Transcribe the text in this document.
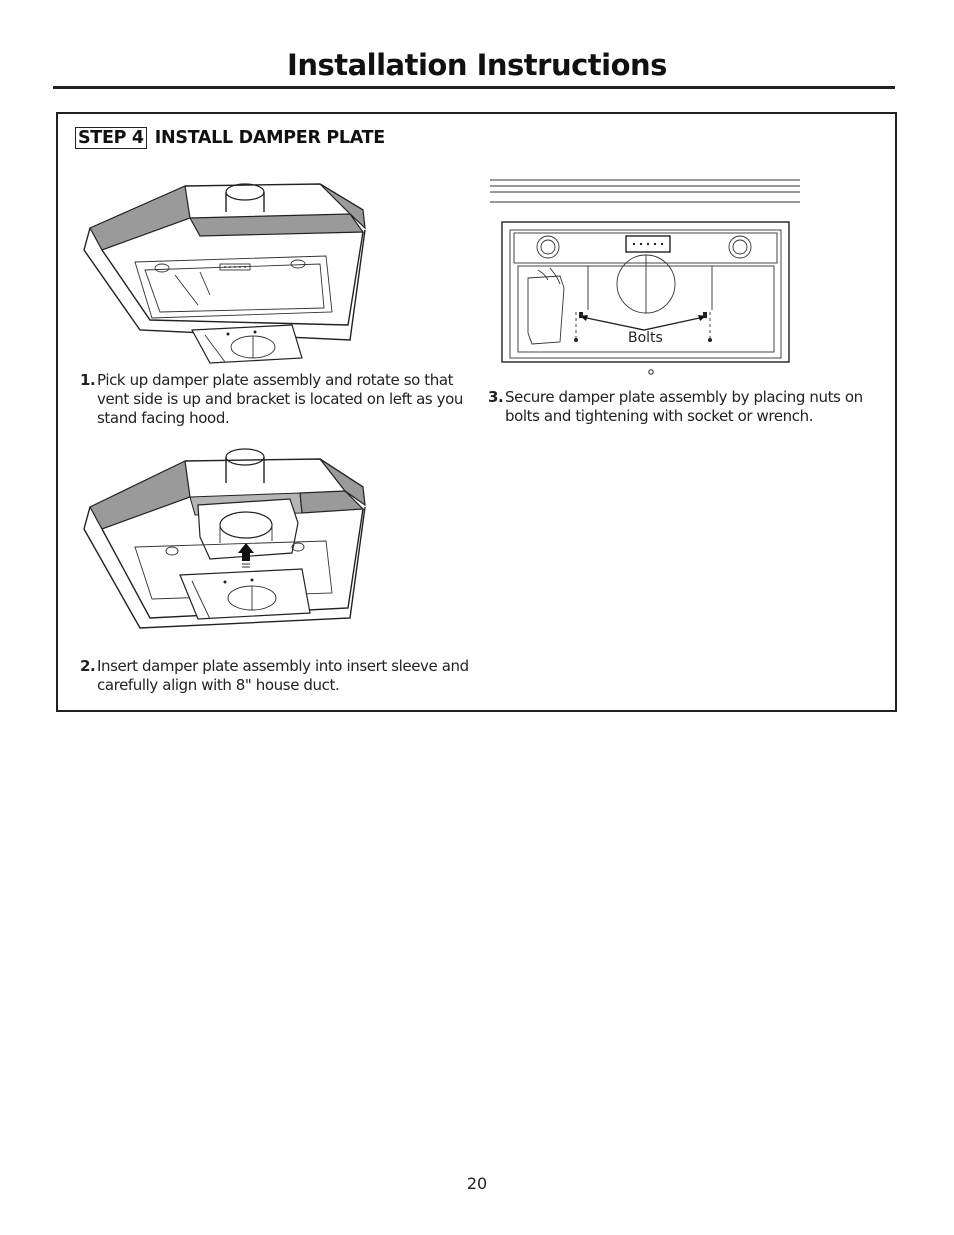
Installation Instructions
STEP 4 INSTALL DAMPER PLATE
1. Pick up damper plate assembly and rotate so that vent side is up and bracket is located on left as you stand facing hood.
2. Insert damper plate assembly into insert sleeve and carefully align with 8" house duct.
Bolts
3. Secure damper plate assembly by placing nuts on bolts and tightening with socket or wrench.
20
